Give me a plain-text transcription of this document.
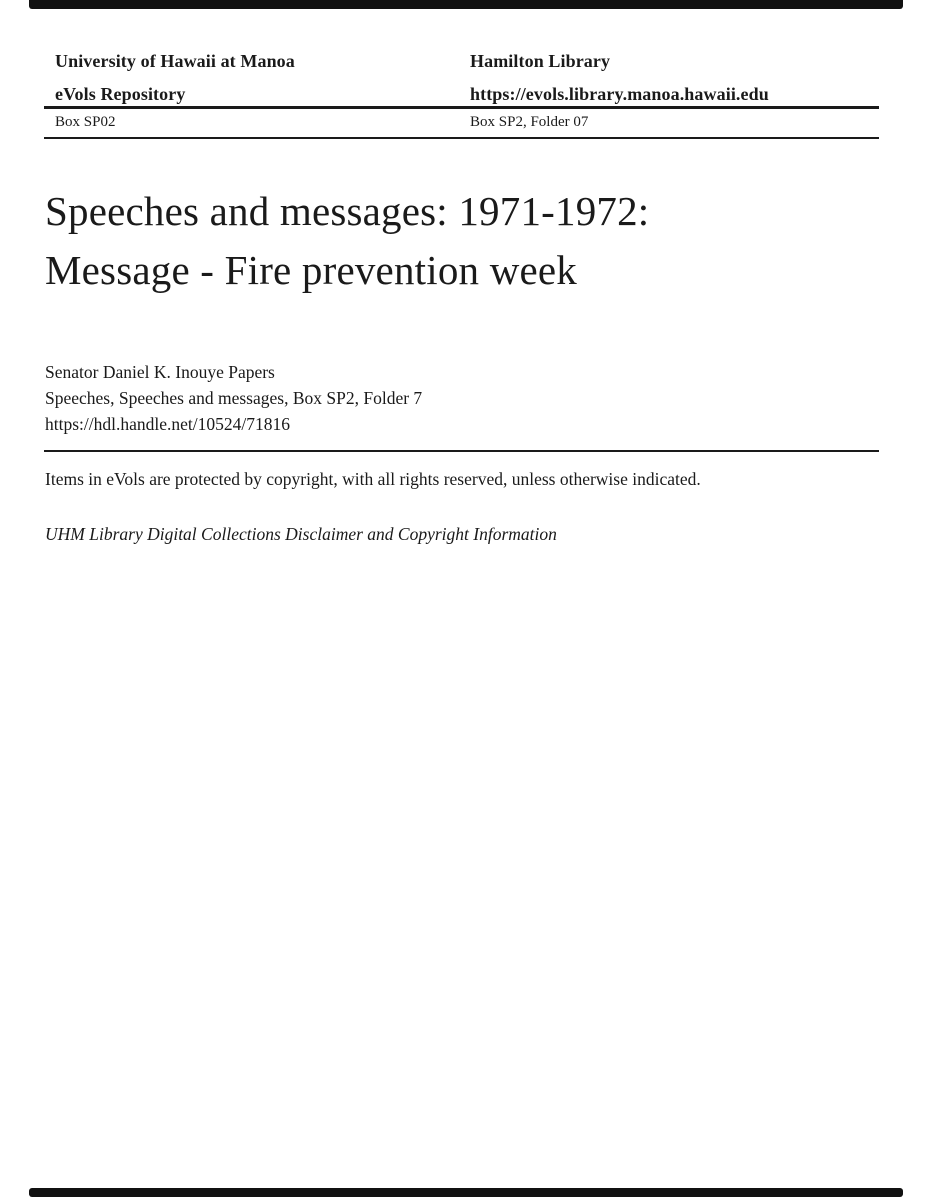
University of Hawaii at Manoa	Hamilton Library
eVols Repository	https://evols.library.manoa.hawaii.edu
Box SP02	Box SP2, Folder 07
Speeches and messages: 1971-1972:
Message - Fire prevention week
Senator Daniel K. Inouye Papers
Speeches, Speeches and messages, Box SP2, Folder 7
https://hdl.handle.net/10524/71816
Items in eVols are protected by copyright, with all rights reserved, unless otherwise indicated.
UHM Library Digital Collections Disclaimer and Copyright Information
